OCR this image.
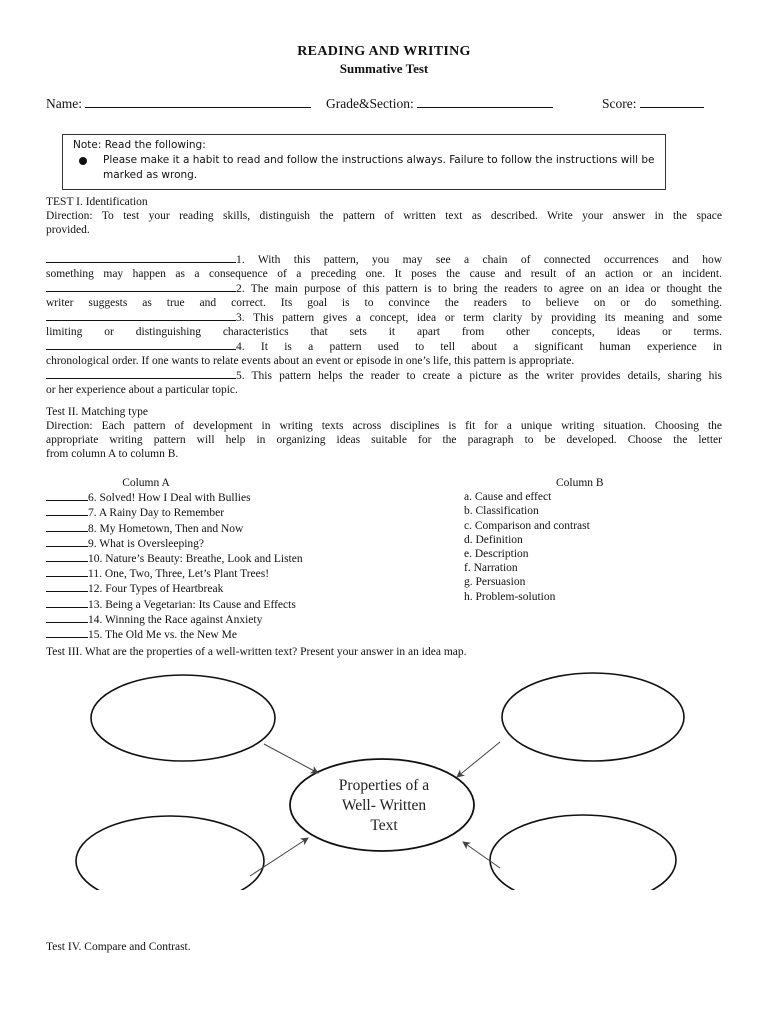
READING AND WRITING
Summative Test
Name:	Grade&Section:	Score:
Note: Read the following:
Please make it a habit to read and follow the instructions always. Failure to follow the instructions will be marked as wrong.
TEST I. Identification
Direction: To test your reading skills, distinguish the pattern of written text as described. Write your answer in the space
provided.
1. With this pattern, you may see a chain of connected occurrences and how
something may happen as a consequence of a preceding one. It poses the cause and result of an action or an incident.
2. The main purpose of this pattern is to bring the readers to agree on an idea or thought the
writer suggests as true and correct. Its goal is to convince the readers to believe on or do something.
3. This pattern gives a concept, idea or term clarity by providing its meaning and some
limiting or distinguishing characteristics that sets it apart from other concepts, ideas or terms.
4. It is a pattern used to tell about a significant human experience in
chronological order. If one wants to relate events about an event or episode in one’s life, this pattern is appropriate.
5. This pattern helps the reader to create a picture as the writer provides details, sharing his
or her experience about a particular topic.
Test II. Matching type
Direction: Each pattern of development in writing texts across disciplines is fit for a unique writing situation. Choosing the
appropriate writing pattern will help in organizing ideas suitable for the paragraph to be developed. Choose the letter
from column A to column B.
Column A
6. Solved! How I Deal with Bullies
7. A Rainy Day to Remember
8. My Hometown, Then and Now
9. What is Oversleeping?
10. Nature’s Beauty: Breathe, Look and Listen
11. One, Two, Three, Let’s Plant Trees!
12. Four Types of Heartbreak
13. Being a Vegetarian: Its Cause and Effects
14. Winning the Race against Anxiety
15. The Old Me vs. the New Me
Column B
a. Cause and effect
b. Classification
c. Comparison and contrast
d. Definition
e. Description
f. Narration
g. Persuasion
h. Problem-solution
Test III. What are the properties of a well-written text? Present your answer in an idea map.
Properties of a
Well- Written
Text
Test IV. Compare and Contrast.
